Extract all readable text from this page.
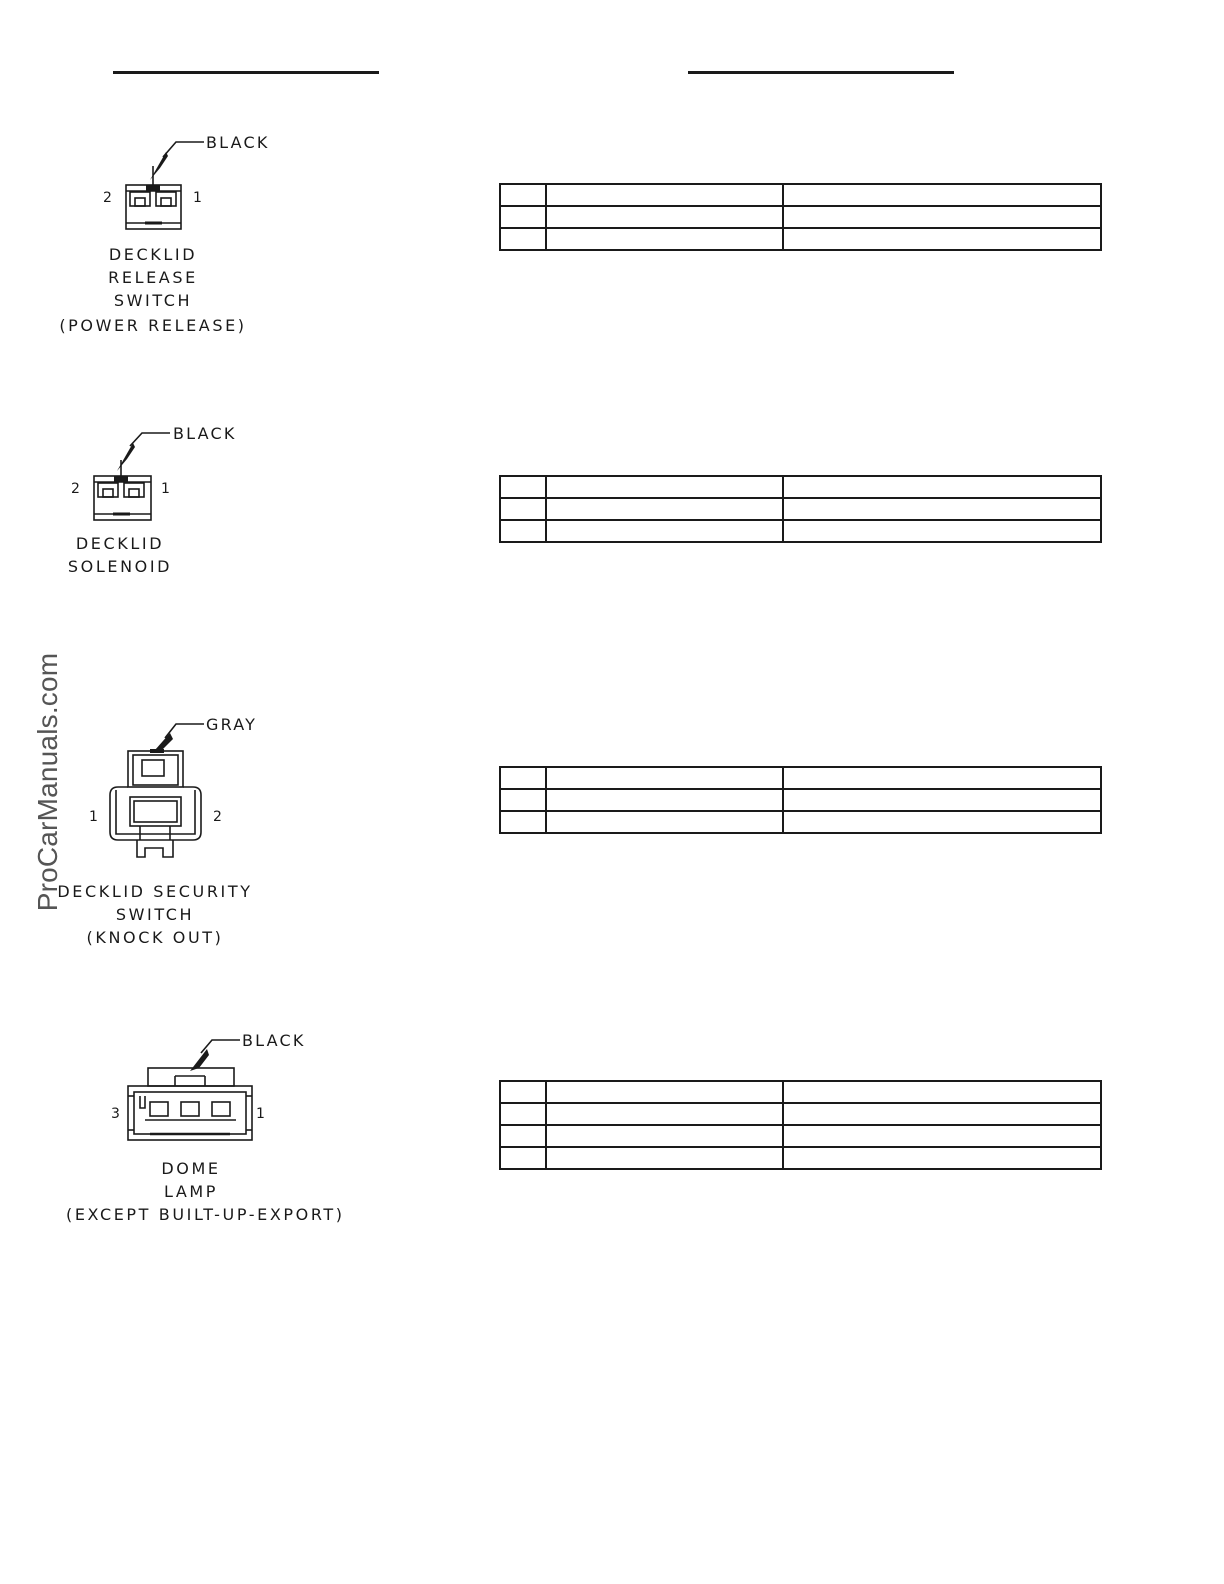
ProCarManuals.com
BLACK
2	1
DECKLID
RELEASE
SWITCH
(POWER RELEASE)

BLACK
2	1
DECKLID
SOLENOID

GRAY
1	2
DECKLID SECURITY
SWITCH
(KNOCK OUT)

BLACK
3	1
DOME
LAMP
(EXCEPT BUILT-UP-EXPORT)
